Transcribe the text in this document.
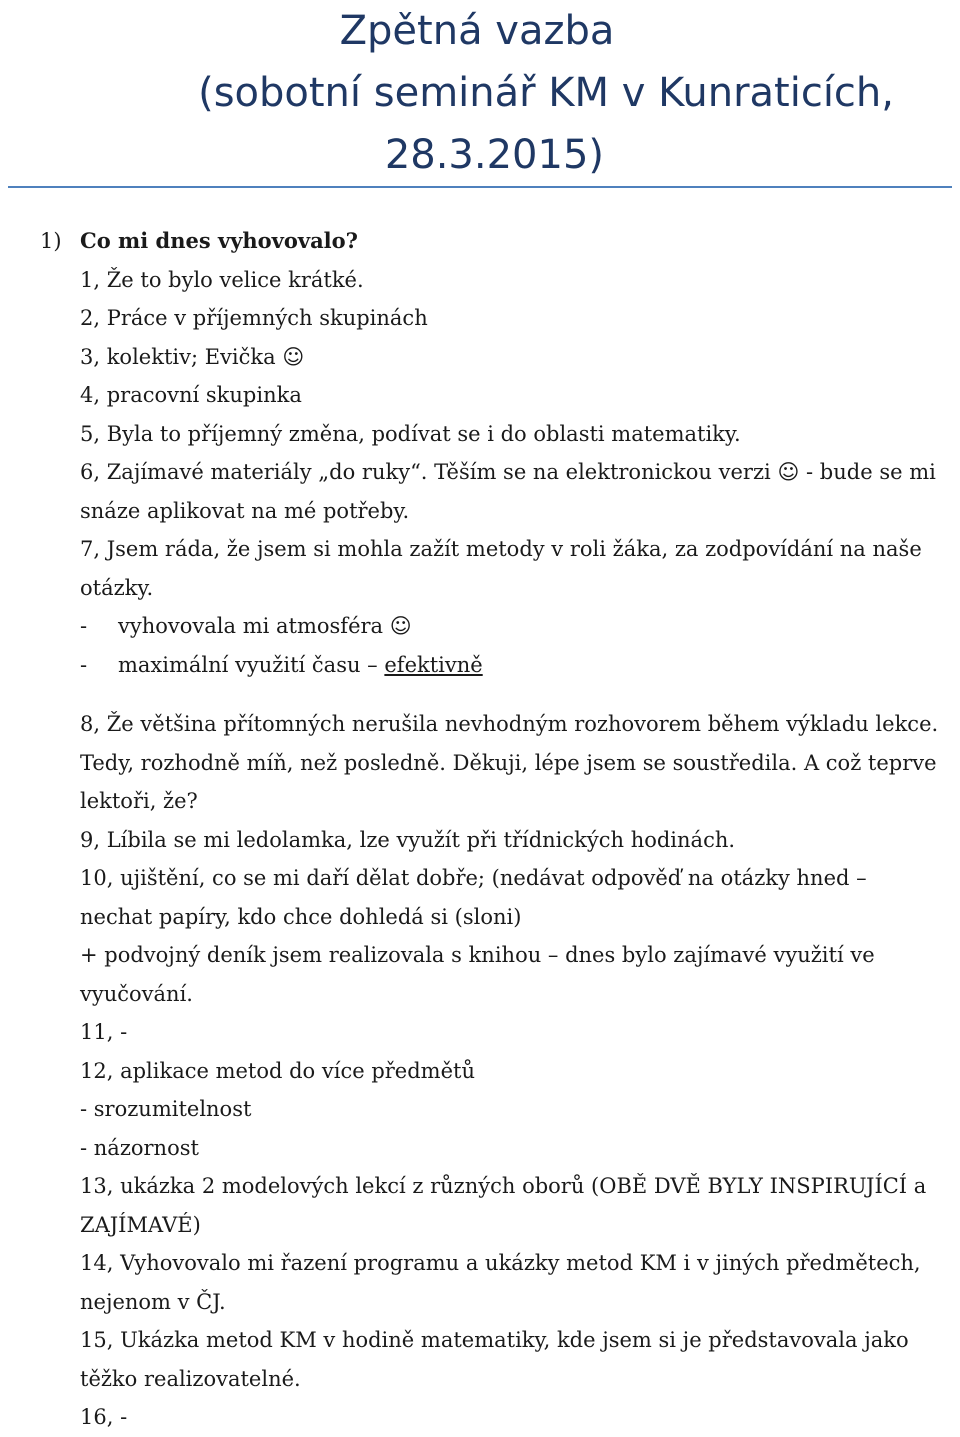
Zpětná vazba
(sobotní seminář KM v Kunraticích,
28.3.2015)
1) Co mi dnes vyhovovalo?
1, Že to bylo velice krátké.
2, Práce v příjemných skupinách
3, kolektiv; Evička ☺
4, pracovní skupinka
5, Byla to příjemný změna, podívat se i do oblasti matematiky.
6, Zajímavé materiály „do ruky“. Těším se na elektronickou verzi ☺ - bude se mi snáze aplikovat na mé potřeby.
7, Jsem ráda, že jsem si mohla zažít metody v roli žáka, za zodpovídání na naše otázky.
- vyhovovala mi atmosféra ☺
- maximální využití času – efektivně
8, Že většina přítomných nerušila nevhodným rozhovorem během výkladu lekce. Tedy, rozhodně míň, než posledně. Děkuji, lépe jsem se soustředila. A což teprve lektoři, že?
9, Líbila se mi ledolamka, lze využít při třídnických hodinách.
10, ujištění, co se mi daří dělat dobře; (nedávat odpověď na otázky hned – nechat papíry, kdo chce dohledá si (sloni)
+ podvojný deník jsem realizovala s knihou – dnes bylo zajímavé využití ve vyučování.
11, -
12, aplikace metod do více předmětů
- srozumitelnost
- názornost
13, ukázka 2 modelových lekcí z různých oborů (OBĚ DVĚ BYLY INSPIRUJÍCÍ a ZAJÍMAVÉ)
14, Vyhovovalo mi řazení programu a ukázky metod KM i v jiných předmětech, nejenom v ČJ.
15, Ukázka metod KM v hodině matematiky, kde jsem si je představovala jako těžko realizovatelné.
16, -
